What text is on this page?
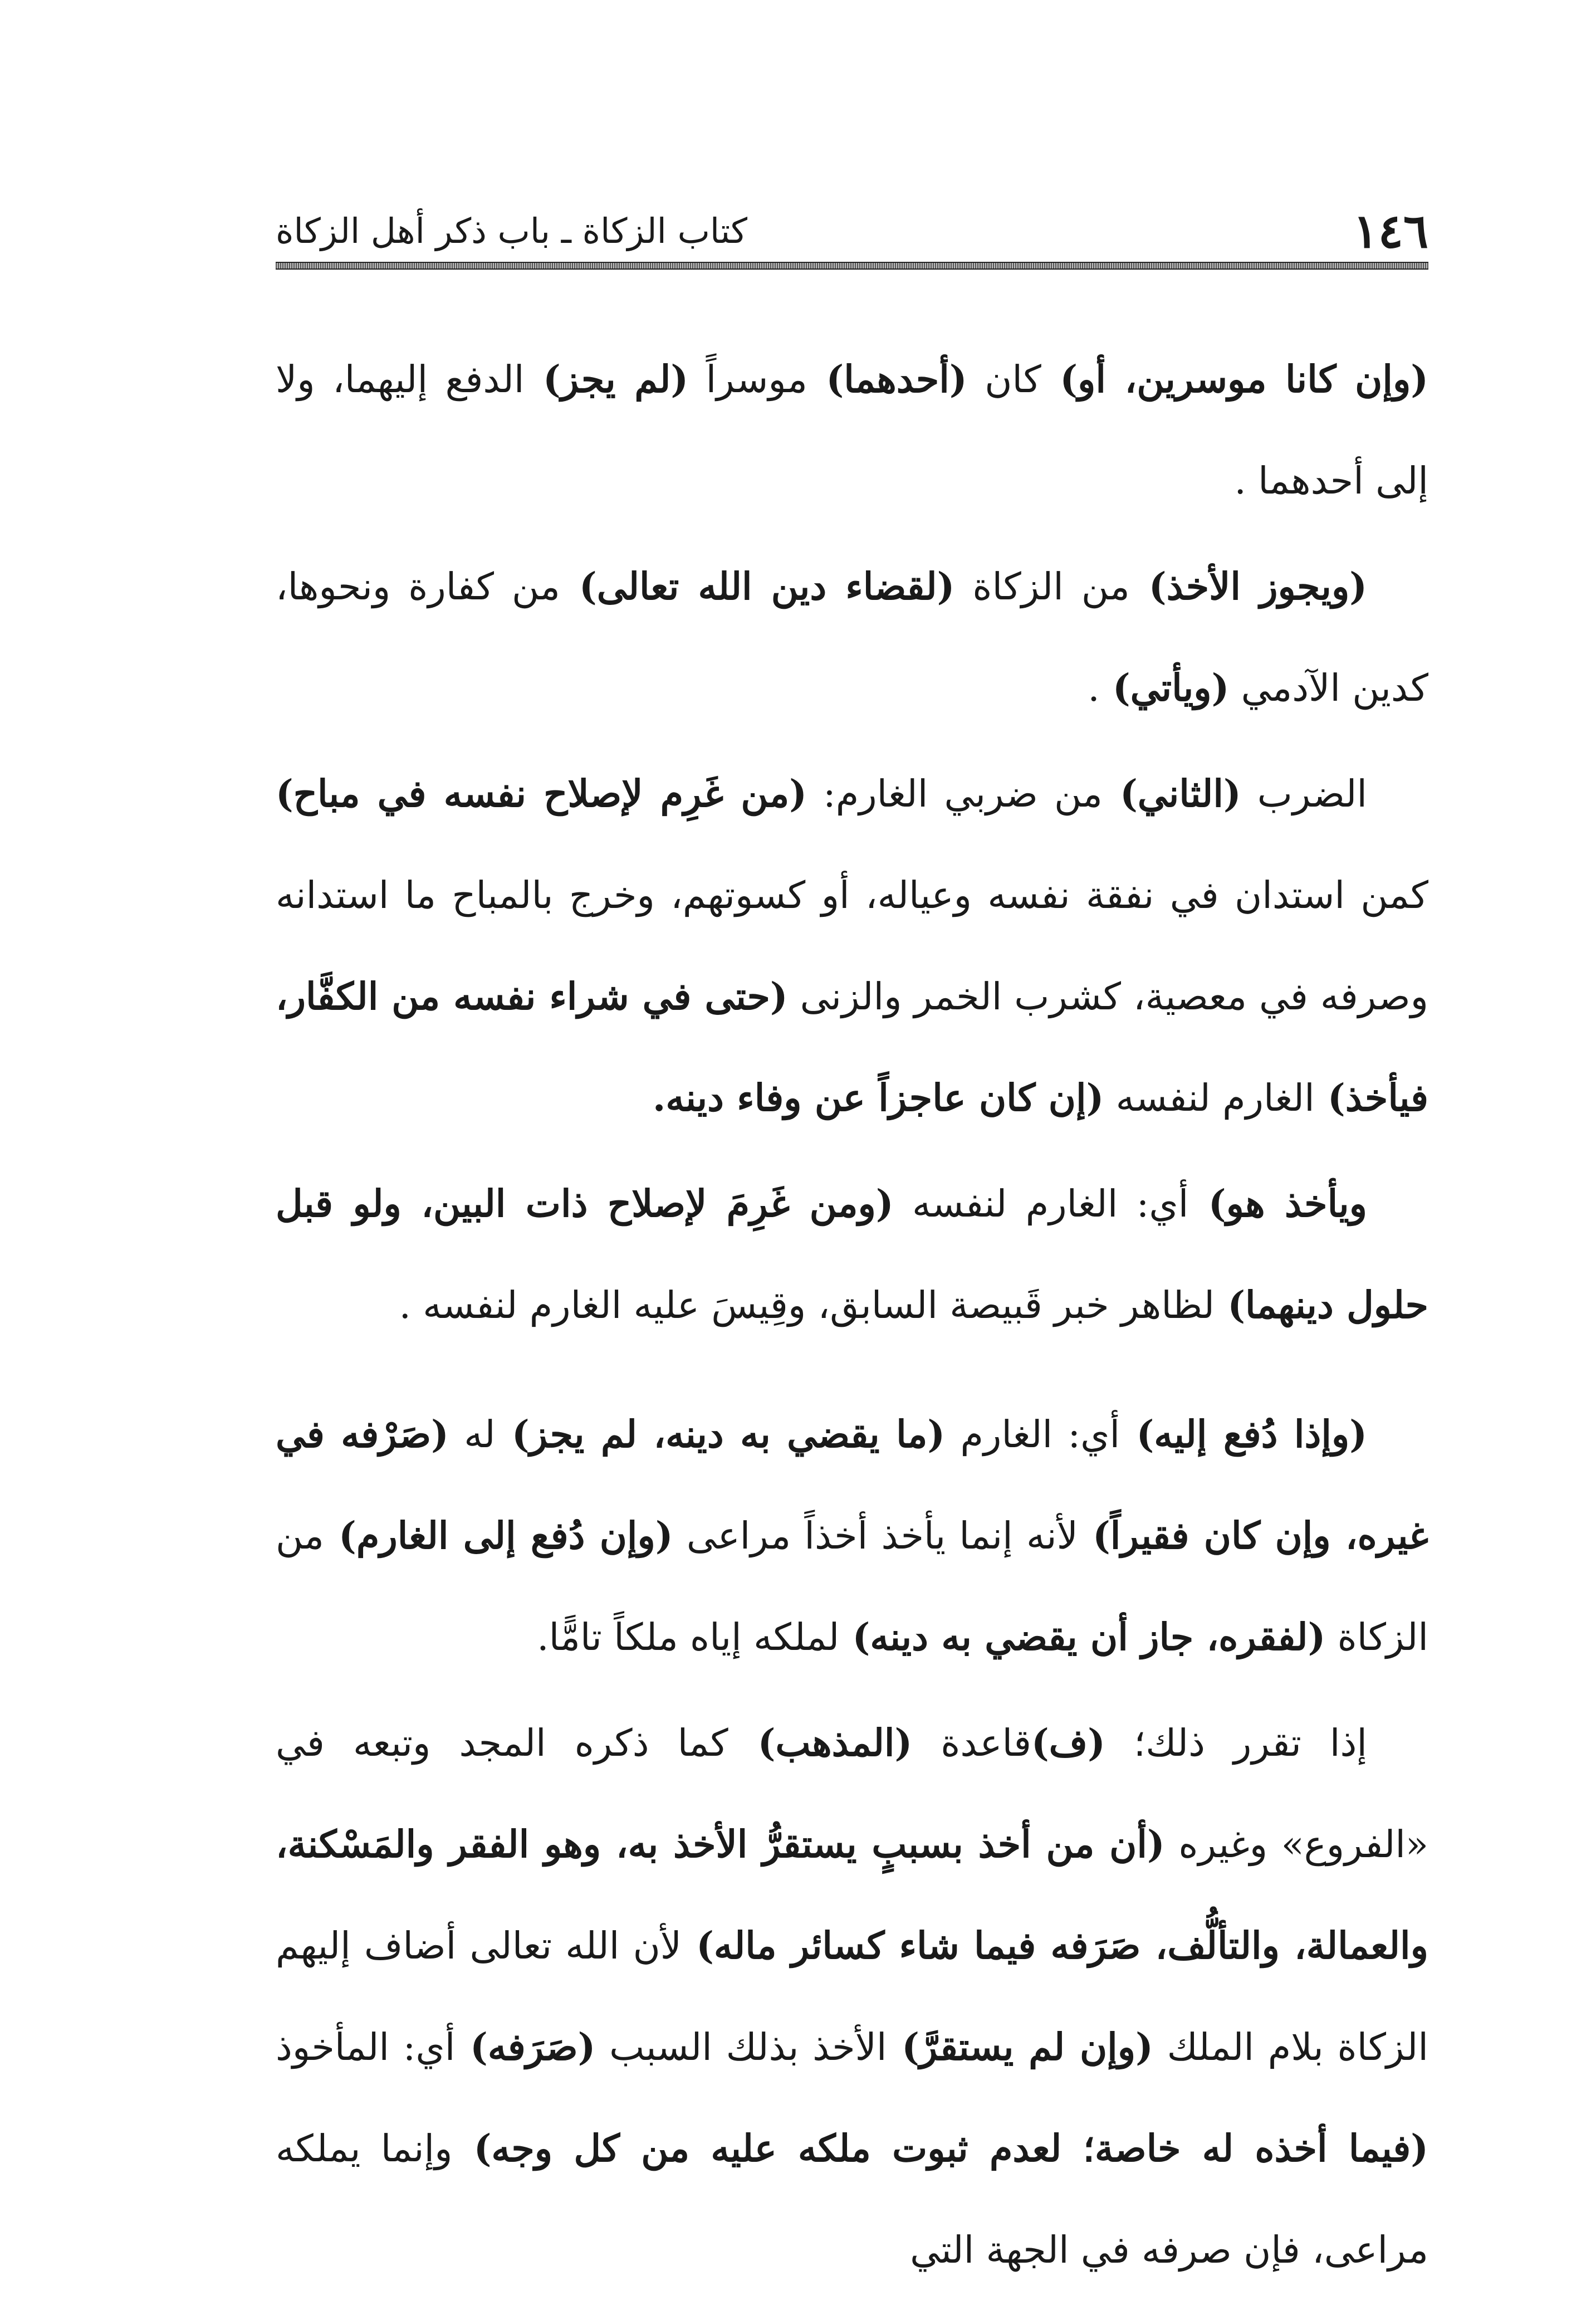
١٤٦
كتاب الزكاة ـ باب ذكر أهل الزكاة

(وإن كانا موسرين، أو) كان (أحدهما) موسراً (لم يجز) الدفع إليهما، ولا إلى أحدهما .

(ويجوز الأخذ) من الزكاة (لقضاء دين الله تعالى) من كفارة ونحوها، كدين الآدمي (ويأتي) .

الضرب (الثاني) من ضربي الغارم: (من غَرِم لإصلاح نفسه في مباح) كمن استدان في نفقة نفسه وعياله، أو كسوتهم، وخرج بالمباح ما استدانه وصرفه في معصية، كشرب الخمر والزنى (حتى في شراء نفسه من الكفَّار، فيأخذ) الغارم لنفسه (إن كان عاجزاً عن وفاء دينه.

ويأخذ هو) أي: الغارم لنفسه (ومن غَرِمَ لإصلاح ذات البين، ولو قبل حلول دينهما) لظاهر خبر قَبيصة السابق، وقِيسَ عليه الغارم لنفسه .

(وإذا دُفع إليه) أي: الغارم (ما يقضي به دينه، لم يجز) له (صَرْفه في غيره، وإن كان فقيراً) لأنه إنما يأخذ أخذاً مراعى (وإن دُفع إلى الغارم) من الزكاة (لفقره، جاز أن يقضي به دينه) لملكه إياه ملكاً تامًّا.

إذا تقرر ذلك؛ (ف)قاعدة (المذهب) كما ذكره المجد وتبعه في «الفروع» وغيره (أن من أخذ بسببٍ يستقرُّ الأخذ به، وهو الفقر والمَسْكنة، والعمالة، والتألُّف، صَرَفه فيما شاء كسائر ماله) لأن الله تعالى أضاف إليهم الزكاة بلام الملك (وإن لم يستقرَّ) الأخذ بذلك السبب (صَرَفه) أي: المأخوذ (فيما أخذه له خاصة؛ لعدم ثبوت ملكه عليه من كل وجه) وإنما يملكه مراعى، فإن صرفه في الجهة التي
